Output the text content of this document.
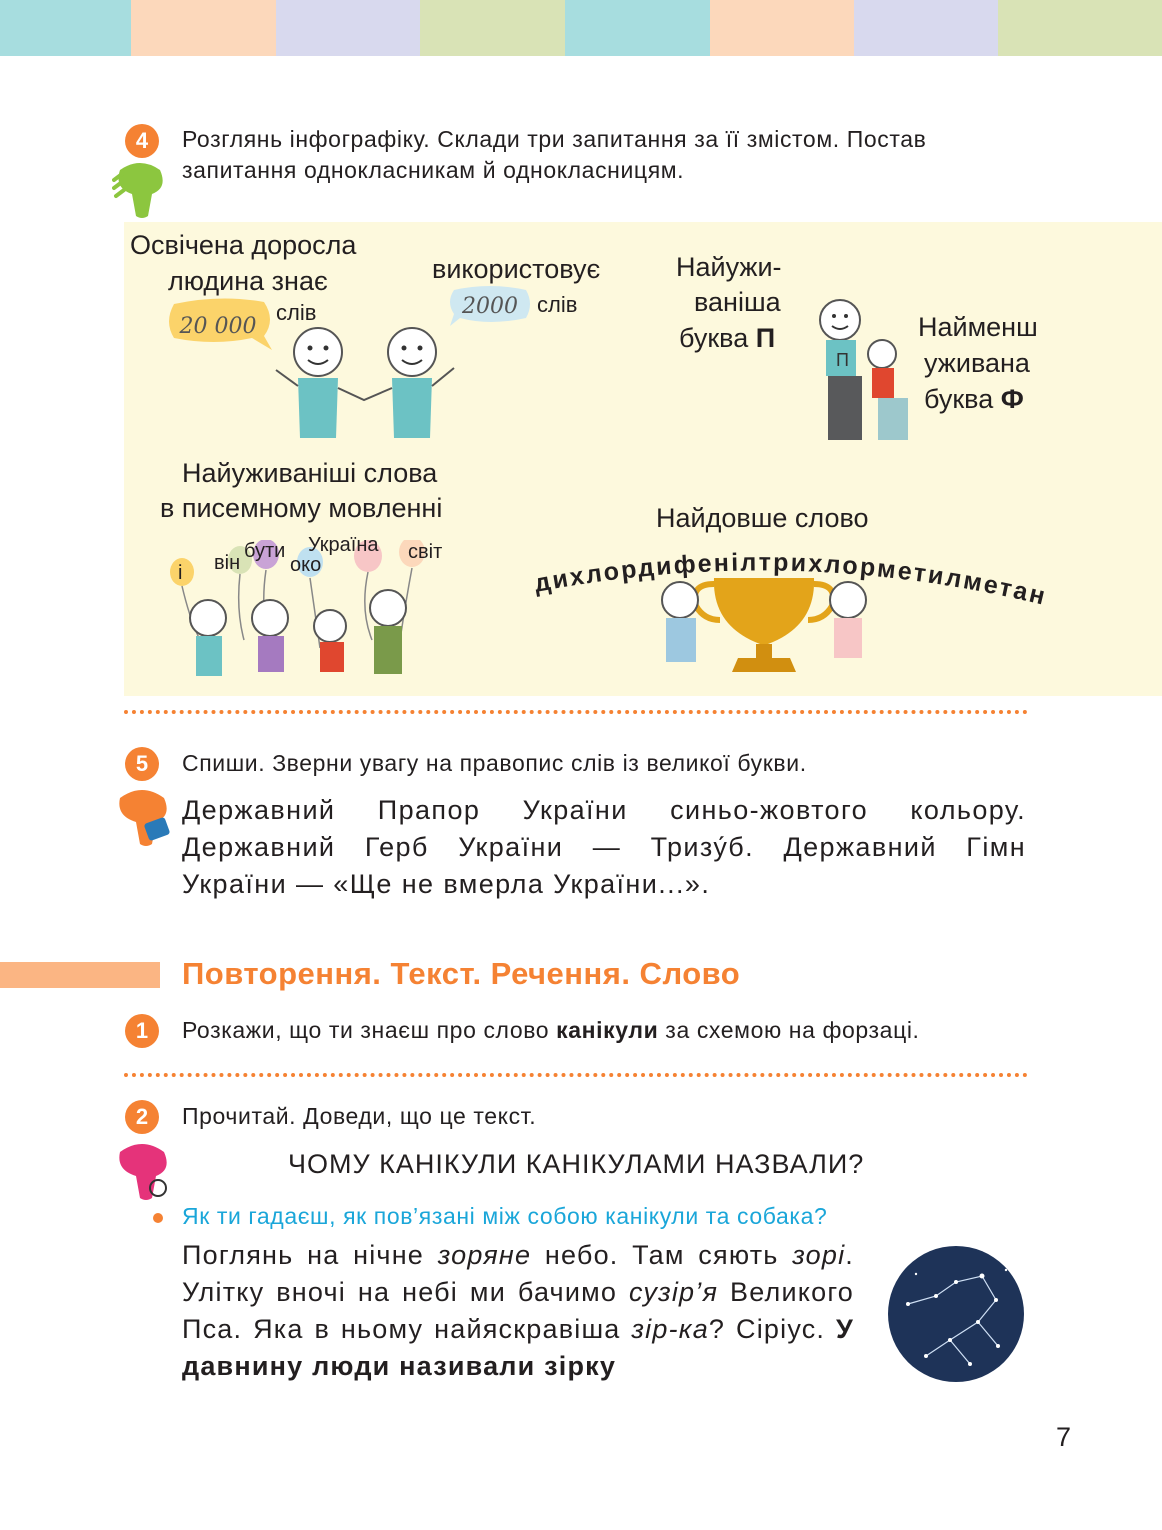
4	Розглянь інфографіку. Склади три запитання за її змістом. Постав
запитання однокласникам й однокласницям.
Освічена доросла
людина знає
20 000
слів
використовує
2000 слів
Найужи-
ваніша
буква П
П
Найменш
уживана
буква Ф
Найуживаніші слова
в писемному мовленні
і він
бути
око
Україна світ
Найдовше слово
дихлордифенілтрихлорметилметан
5	Спиши. Зверни увагу на правопис слів із великої букви.
Державний Прапор України синьо-жовтого кольору.
Державний Герб України — Тризу́б. Державний Гімн
України — «Ще не вмерла України...».
Повторення. Текст. Речення. Слово
1	Розкажи, що ти знаєш про слово канікули за схемою на форзаці.
2	Прочитай. Доведи, що це текст.
ЧОМУ КАНІКУЛИ КАНІКУЛАМИ НАЗВАЛИ?
Як ти гадаєш, як пов’язані між собою канікули та собака?
Поглянь на нічне зоряне небо. Там сяють зорі. Улітку вночі на небі ми бачимо сузір’я Великого Пса. Яка в ньому найяскравіша зір-ка? Сіріус. У давнину люди називали зірку
7
